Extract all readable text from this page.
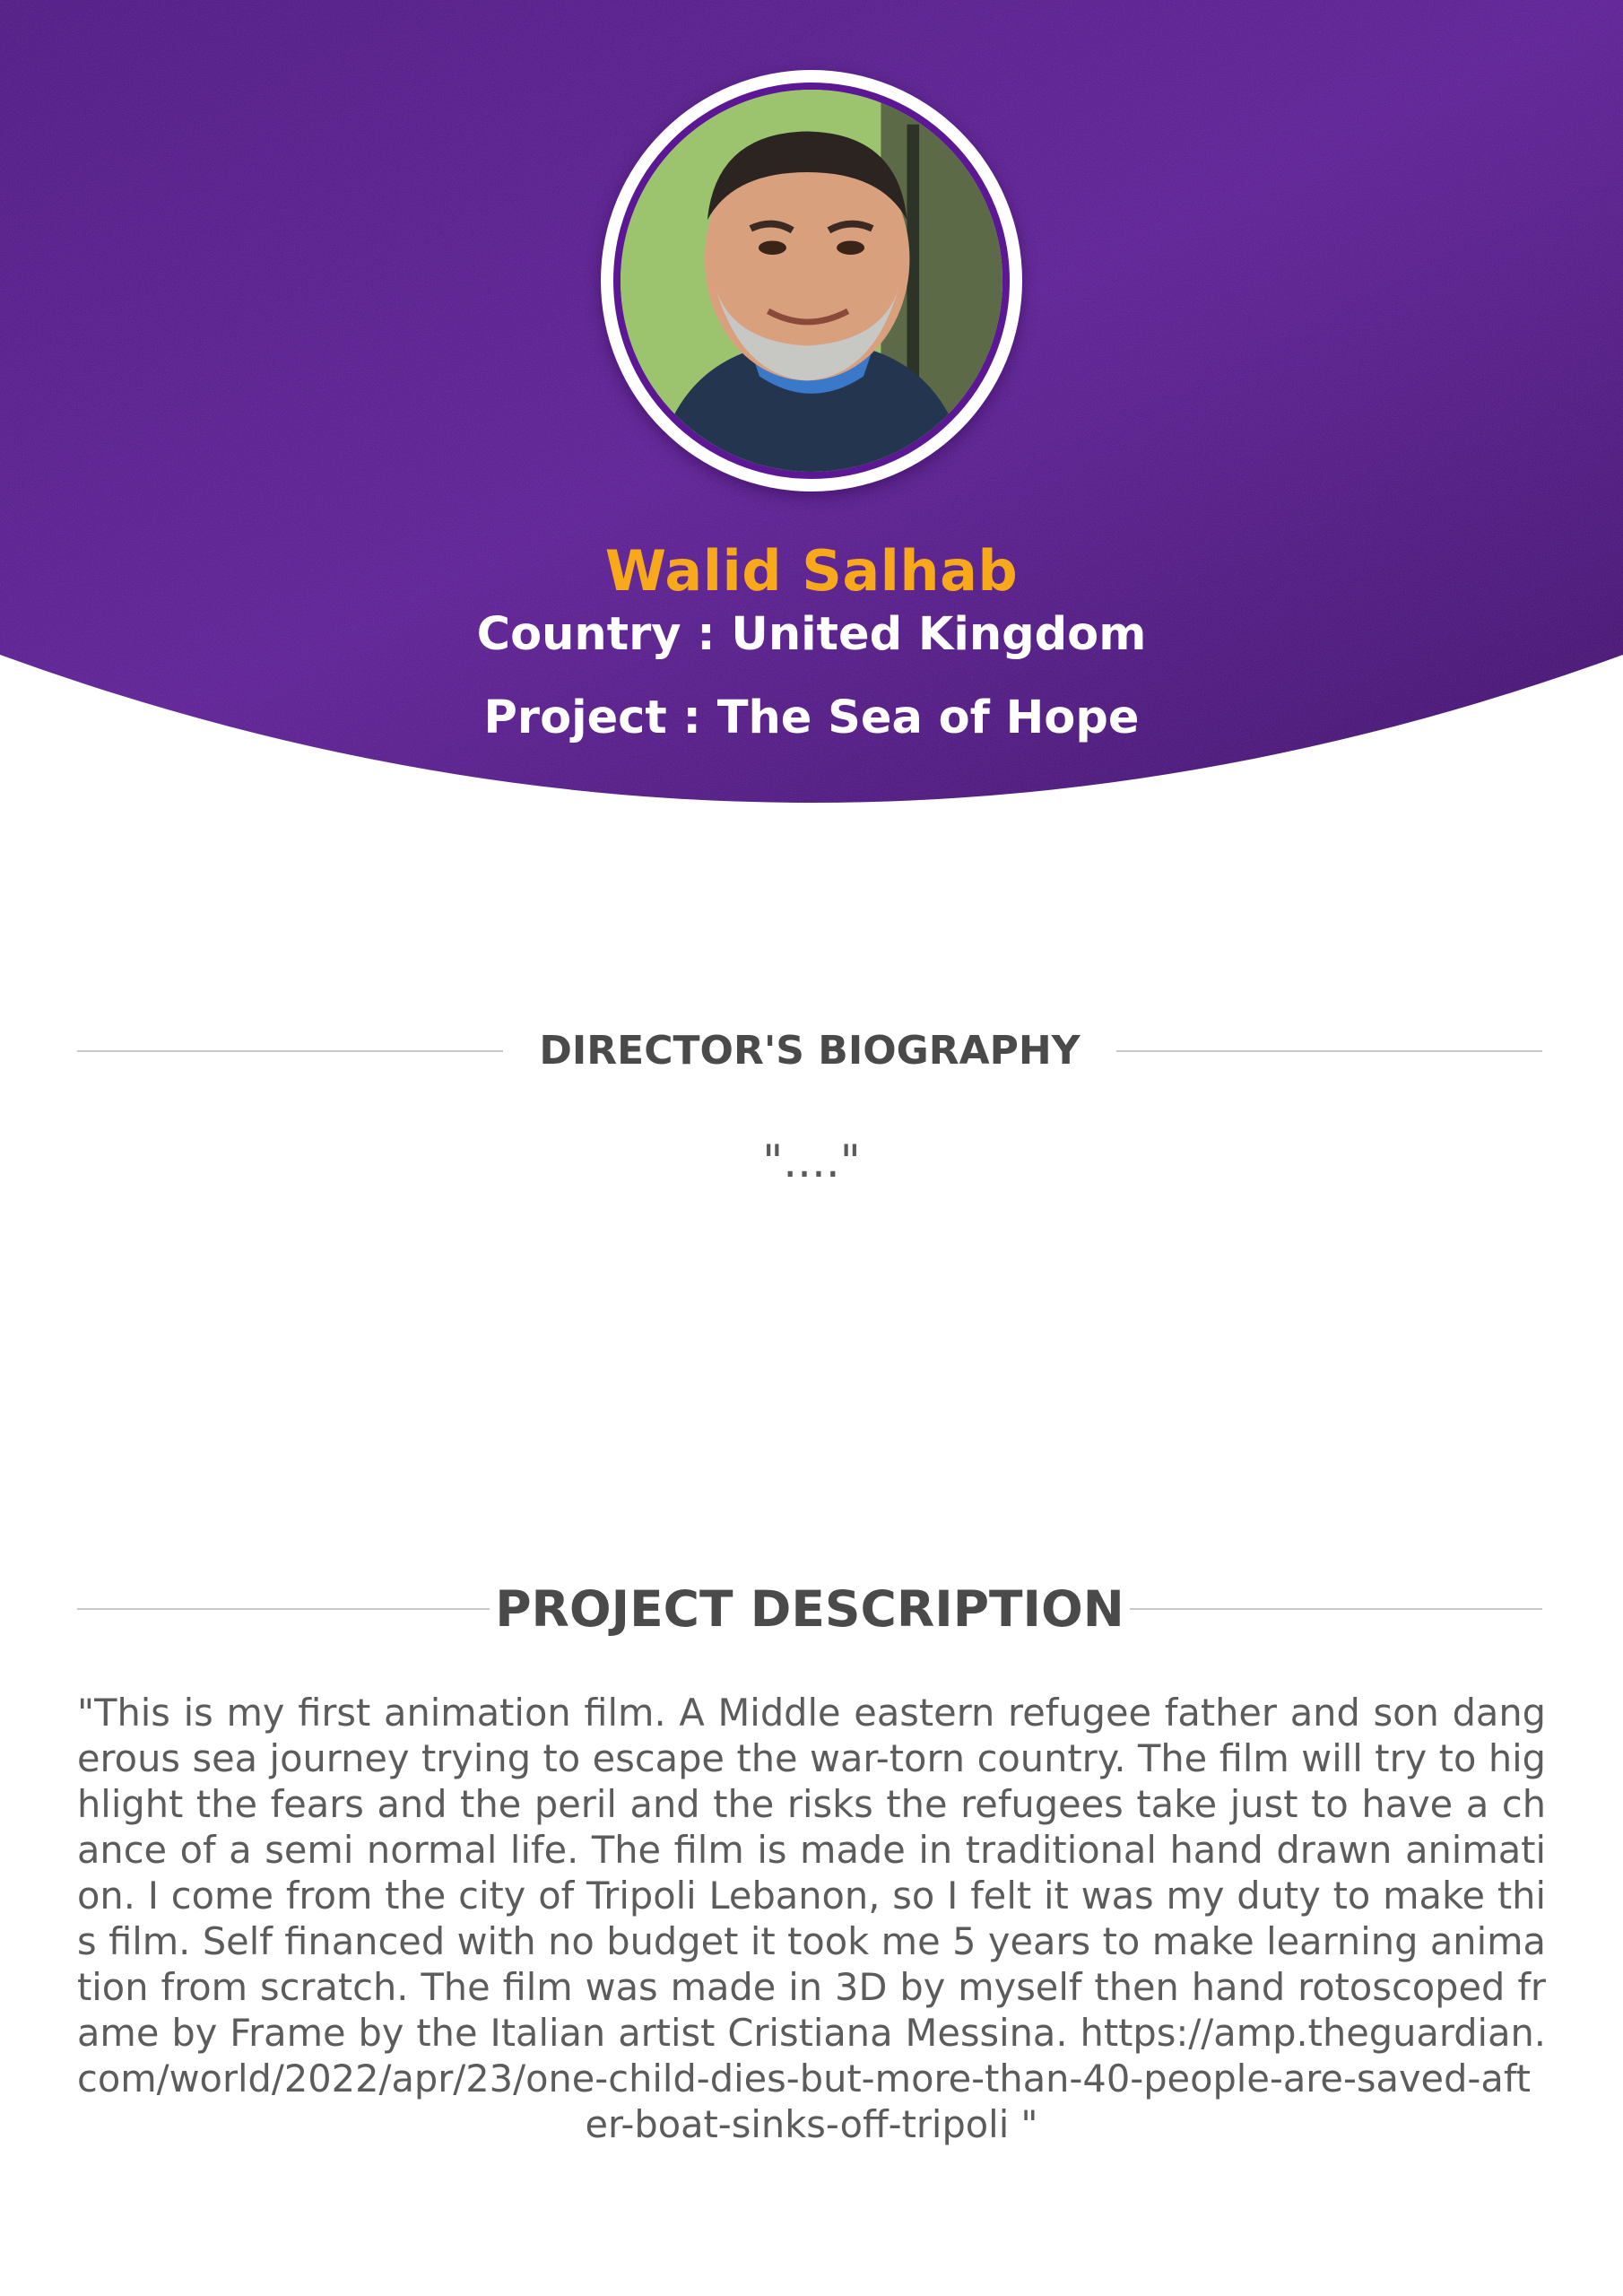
Walid Salhab
Country : United Kingdom
Project : The Sea of Hope
DIRECTOR'S BIOGRAPHY
"...."
PROJECT DESCRIPTION
"This is my first animation film. A Middle eastern refugee father and son dangerous sea journey trying to escape the war-torn country. The film will try to highlight the fears and the peril and the risks the refugees take just to have a chance of a semi normal life. The film is made in traditional hand drawn animation. I come from the city of Tripoli Lebanon, so I felt it was my duty to make this film. Self financed with no budget it took me 5 years to make learning animation from scratch. The film was made in 3D by myself then hand rotoscoped frame by Frame by the Italian artist Cristiana Messina. https://amp.theguardian.com/world/2022/apr/23/one-child-dies-but-more-than-40-people-are-saved-after-boat-sinks-off-tripoli "
